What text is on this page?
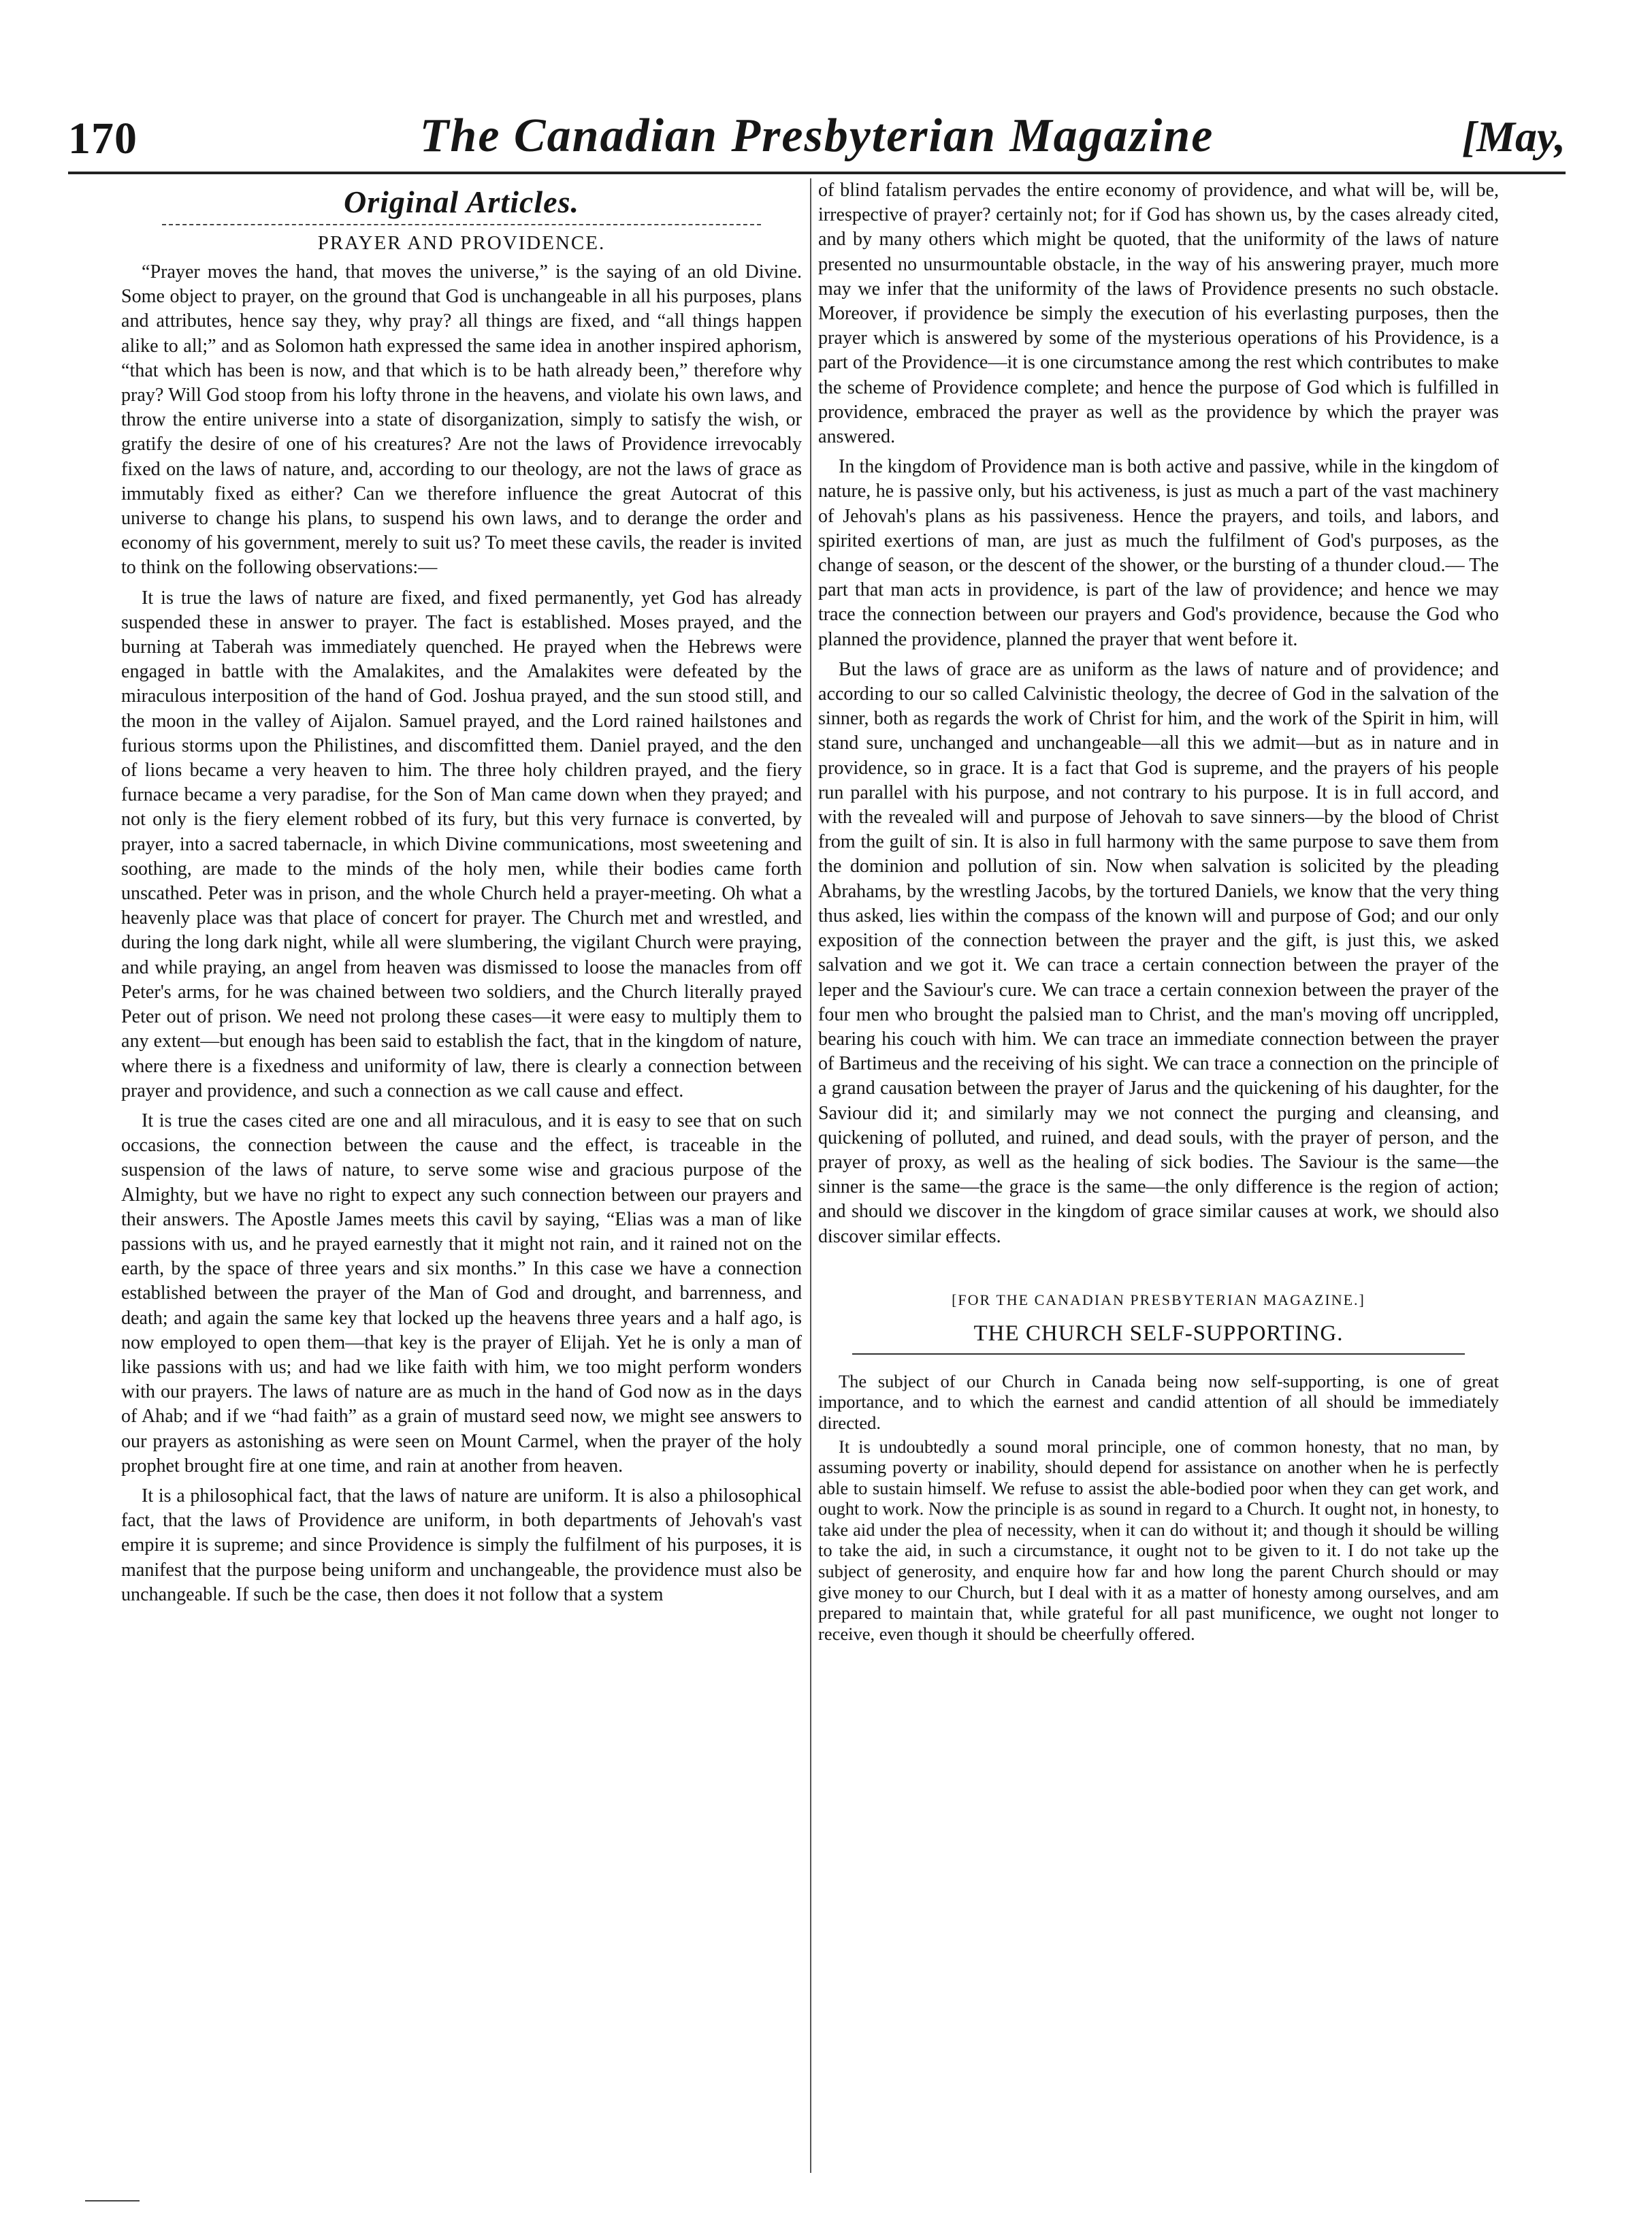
170	The Canadian Presbyterian Magazine	[May,
Original Articles.
PRAYER AND PROVIDENCE.

“Prayer moves the hand, that moves the universe,” is the saying of an old Divine. Some object to prayer, on the ground that God is unchangeable in all his purposes, plans and attributes, hence say they, why pray? all things are fixed, and “all things happen alike to all;” and as Solomon hath expressed the same idea in another inspired aphorism, “that which has been is now, and that which is to be hath already been,” therefore why pray? Will God stoop from his lofty throne in the heavens, and violate his own laws, and throw the entire universe into a state of disorganization, simply to satisfy the wish, or gratify the desire of one of his creatures? Are not the laws of Providence irrevocably fixed on the laws of nature, and, according to our theology, are not the laws of grace as immutably fixed as either? Can we therefore influence the great Autocrat of this universe to change his plans, to suspend his own laws, and to derange the order and economy of his government, merely to suit us? To meet these cavils, the reader is invited to think on the following observations:—

It is true the laws of nature are fixed, and fixed permanently, yet God has already suspended these in answer to prayer. The fact is established. Moses prayed, and the burning at Taberah was immediately quenched. He prayed when the Hebrews were engaged in battle with the Amalakites, and the Amalakites were defeated by the miraculous interposition of the hand of God. Joshua prayed, and the sun stood still, and the moon in the valley of Aijalon. Samuel prayed, and the Lord rained hailstones and furious storms upon the Philistines, and discomfitted them. Daniel prayed, and the den of lions became a very heaven to him. The three holy children prayed, and the fiery furnace became a very paradise, for the Son of Man came down when they prayed; and not only is the fiery element robbed of its fury, but this very furnace is converted, by prayer, into a sacred tabernacle, in which Divine communications, most sweetening and soothing, are made to the minds of the holy men, while their bodies came forth unscathed. Peter was in prison, and the whole Church held a prayer-meeting. Oh what a heavenly place was that place of concert for prayer. The Church met and wrestled, and during the long dark night, while all were slumbering, the vigilant Church were praying, and while praying, an angel from heaven was dismissed to loose the manacles from off Peter's arms, for he was chained between two soldiers, and the Church literally prayed Peter out of prison. We need not prolong these cases—it were easy to multiply them to any extent—but enough has been said to establish the fact, that in the kingdom of nature, where there is a fixedness and uniformity of law, there is clearly a connection between prayer and providence, and such a connection as we call cause and effect.

It is true the cases cited are one and all miraculous, and it is easy to see that on such occasions, the connection between the cause and the effect, is traceable in the suspension of the laws of nature, to serve some wise and gracious purpose of the Almighty, but we have no right to expect any such connection between our prayers and their answers. The Apostle James meets this cavil by saying, “Elias was a man of like passions with us, and he prayed earnestly that it might not rain, and it rained not on the earth, by the space of three years and six months.” In this case we have a connection established between the prayer of the Man of God and drought, and barrenness, and death; and again the same key that locked up the heavens three years and a half ago, is now employed to open them—that key is the prayer of Elijah. Yet he is only a man of like passions with us; and had we like faith with him, we too might perform wonders with our prayers. The laws of nature are as much in the hand of God now as in the days of Ahab; and if we “had faith” as a grain of mustard seed now, we might see answers to our prayers as astonishing as were seen on Mount Carmel, when the prayer of the holy prophet brought fire at one time, and rain at another from heaven.

It is a philosophical fact, that the laws of nature are uniform. It is also a philosophical fact, that the laws of Providence are uniform, in both departments of Jehovah's vast empire it is supreme; and since Providence is simply the fulfilment of his purposes, it is manifest that the purpose being uniform and unchangeable, the providence must also be unchangeable. If such be the case, then does it not follow that a system

of blind fatalism pervades the entire economy of providence, and what will be, will be, irrespective of prayer? certainly not; for if God has shown us, by the cases already cited, and by many others which might be quoted, that the uniformity of the laws of nature presented no unsurmountable obstacle, in the way of his answering prayer, much more may we infer that the uniformity of the laws of Providence presents no such obstacle. Moreover, if providence be simply the execution of his everlasting purposes, then the prayer which is answered by some of the mysterious operations of his Providence, is a part of the Providence—it is one circumstance among the rest which contributes to make the scheme of Providence complete; and hence the purpose of God which is fulfilled in providence, embraced the prayer as well as the providence by which the prayer was answered.

In the kingdom of Providence man is both active and passive, while in the kingdom of nature, he is passive only, but his activeness, is just as much a part of the vast machinery of Jehovah's plans as his passiveness. Hence the prayers, and toils, and labors, and spirited exertions of man, are just as much the fulfilment of God's purposes, as the change of season, or the descent of the shower, or the bursting of a thunder cloud.— The part that man acts in providence, is part of the law of providence; and hence we may trace the connection between our prayers and God's providence, because the God who planned the providence, planned the prayer that went before it.

But the laws of grace are as uniform as the laws of nature and of providence; and according to our so called Calvinistic theology, the decree of God in the salvation of the sinner, both as regards the work of Christ for him, and the work of the Spirit in him, will stand sure, unchanged and unchangeable—all this we admit—but as in nature and in providence, so in grace. It is a fact that God is supreme, and the prayers of his people run parallel with his purpose, and not contrary to his purpose. It is in full accord, and with the revealed will and purpose of Jehovah to save sinners—by the blood of Christ from the guilt of sin. It is also in full harmony with the same purpose to save them from the dominion and pollution of sin. Now when salvation is solicited by the pleading Abrahams, by the wrestling Jacobs, by the tortured Daniels, we know that the very thing thus asked, lies within the compass of the known will and purpose of God; and our only exposition of the connection between the prayer and the gift, is just this, we asked salvation and we got it. We can trace a certain connection between the prayer of the leper and the Saviour's cure. We can trace a certain connexion between the prayer of the four men who brought the palsied man to Christ, and the man's moving off uncrippled, bearing his couch with him. We can trace an immediate connection between the prayer of Bartimeus and the receiving of his sight. We can trace a connection on the principle of a grand causation between the prayer of Jarus and the quickening of his daughter, for the Saviour did it; and similarly may we not connect the purging and cleansing, and quickening of polluted, and ruined, and dead souls, with the prayer of person, and the prayer of proxy, as well as the healing of sick bodies. The Saviour is the same—the sinner is the same—the grace is the same—the only difference is the region of action; and should we discover in the kingdom of grace similar causes at work, we should also discover similar effects.

[FOR THE CANADIAN PRESBYTERIAN MAGAZINE.]
THE CHURCH SELF-SUPPORTING.

The subject of our Church in Canada being now self-supporting, is one of great importance, and to which the earnest and candid attention of all should be immediately directed.

It is undoubtedly a sound moral principle, one of common honesty, that no man, by assuming poverty or inability, should depend for assistance on another when he is perfectly able to sustain himself. We refuse to assist the able-bodied poor when they can get work, and ought to work. Now the principle is as sound in regard to a Church. It ought not, in honesty, to take aid under the plea of necessity, when it can do without it; and though it should be willing to take the aid, in such a circumstance, it ought not to be given to it. I do not take up the subject of generosity, and enquire how far and how long the parent Church should or may give money to our Church, but I deal with it as a matter of honesty among ourselves, and am prepared to maintain that, while grateful for all past munificence, we ought not longer to receive, even though it should be cheerfully offered.
